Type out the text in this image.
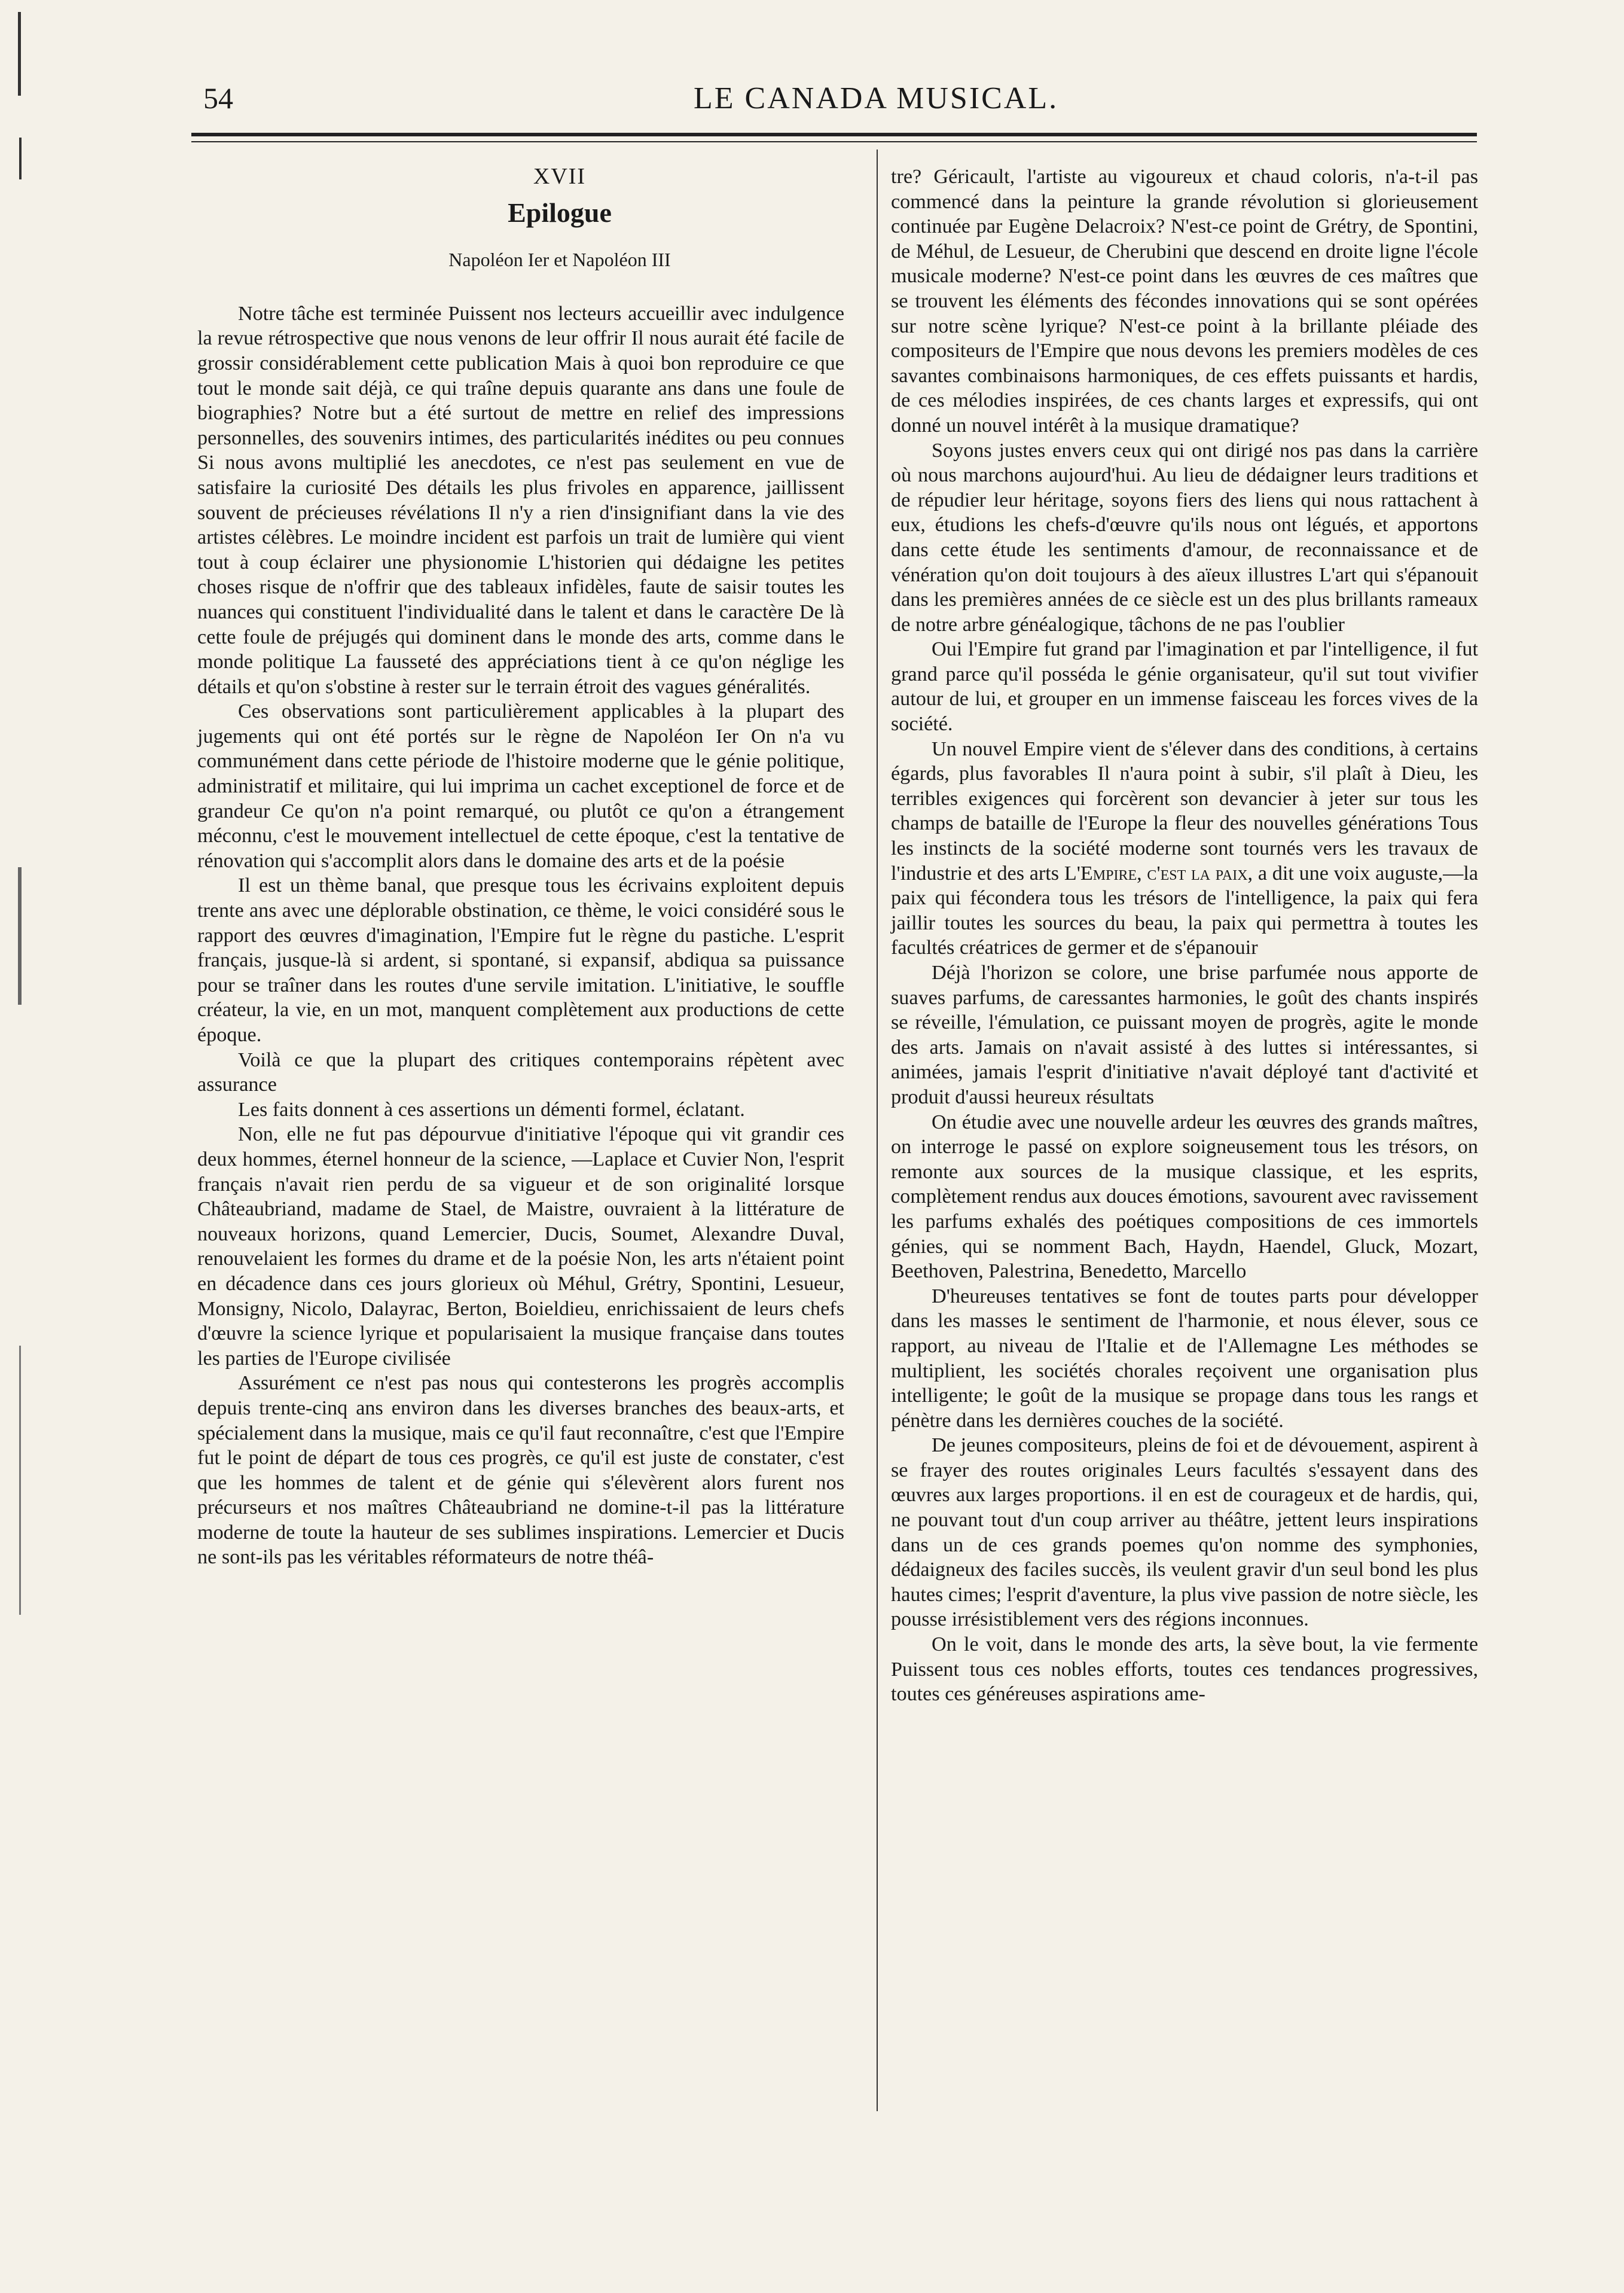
54	LE CANADA MUSICAL.
XVII
Epilogue
Napoléon Ier et Napoléon III

Notre tâche est terminée Puissent nos lecteurs accueillir avec indulgence la revue rétrospective que nous venons de leur offrir Il nous aurait été facile de grossir considérablement cette publication Mais à quoi bon reproduire ce que tout le monde sait déjà, ce qui traîne depuis quarante ans dans une foule de biographies? Notre but a été surtout de mettre en relief des impressions personnelles, des souvenirs intimes, des particularités inédites ou peu connues Si nous avons multiplié les anecdotes, ce n'est pas seulement en vue de satisfaire la curiosité Des détails les plus frivoles en apparence, jaillissent souvent de précieuses révélations Il n'y a rien d'insignifiant dans la vie des artistes célèbres. Le moindre incident est parfois un trait de lumière qui vient tout à coup éclairer une physionomie L'historien qui dédaigne les petites choses risque de n'offrir que des tableaux infidèles, faute de saisir toutes les nuances qui constituent l'individualité dans le talent et dans le caractère De là cette foule de préjugés qui dominent dans le monde des arts, comme dans le monde politique La fausseté des appréciations tient à ce qu'on néglige les détails et qu'on s'obstine à rester sur le terrain étroit des vagues généralités.

Ces observations sont particulièrement applicables à la plupart des jugements qui ont été portés sur le règne de Napoléon Ier On n'a vu communément dans cette période de l'histoire moderne que le génie politique, administratif et militaire, qui lui imprima un cachet exceptionel de force et de grandeur Ce qu'on n'a point remarqué, ou plutôt ce qu'on a étrangement méconnu, c'est le mouvement intellectuel de cette époque, c'est la tentative de rénovation qui s'accomplit alors dans le domaine des arts et de la poésie

Il est un thème banal, que presque tous les écrivains exploitent depuis trente ans avec une déplorable obstination, ce thème, le voici considéré sous le rapport des œuvres d'imagination, l'Empire fut le règne du pastiche. L'esprit français, jusque-là si ardent, si spontané, si expansif, abdiqua sa puissance pour se traîner dans les routes d'une servile imitation. L'initiative, le souffle créateur, la vie, en un mot, manquent complètement aux productions de cette époque.

Voilà ce que la plupart des critiques contemporains répètent avec assurance

Les faits donnent à ces assertions un démenti formel, éclatant.

Non, elle ne fut pas dépourvue d'initiative l'époque qui vit grandir ces deux hommes, éternel honneur de la science, —Laplace et Cuvier Non, l'esprit français n'avait rien perdu de sa vigueur et de son originalité lorsque Châteaubriand, madame de Stael, de Maistre, ouvraient à la littérature de nouveaux horizons, quand Lemercier, Ducis, Soumet, Alexandre Duval, renouvelaient les formes du drame et de la poésie Non, les arts n'étaient point en décadence dans ces jours glorieux où Méhul, Grétry, Spontini, Lesueur, Monsigny, Nicolo, Dalayrac, Berton, Boieldieu, enrichissaient de leurs chefs d'œuvre la science lyrique et popularisaient la musique française dans toutes les parties de l'Europe civilisée

Assurément ce n'est pas nous qui contesterons les progrès accomplis depuis trente-cinq ans environ dans les diverses branches des beaux-arts, et spécialement dans la musique, mais ce qu'il faut reconnaître, c'est que l'Empire fut le point de départ de tous ces progrès, ce qu'il est juste de constater, c'est que les hommes de talent et de génie qui s'élevèrent alors furent nos précurseurs et nos maîtres Châteaubriand ne domine-t-il pas la littérature moderne de toute la hauteur de ses sublimes inspirations. Lemercier et Ducis ne sont-ils pas les véritables réformateurs de notre théâ-

tre? Géricault, l'artiste au vigoureux et chaud coloris, n'a-t-il pas commencé dans la peinture la grande révolution si glorieusement continuée par Eugène Delacroix? N'est-ce point de Grétry, de Spontini, de Méhul, de Lesueur, de Cherubini que descend en droite ligne l'école musicale moderne? N'est-ce point dans les œuvres de ces maîtres que se trouvent les éléments des fécondes innovations qui se sont opérées sur notre scène lyrique? N'est-ce point à la brillante pléiade des compositeurs de l'Empire que nous devons les premiers modèles de ces savantes combinaisons harmoniques, de ces effets puissants et hardis, de ces mélodies inspirées, de ces chants larges et expressifs, qui ont donné un nouvel intérêt à la musique dramatique?

Soyons justes envers ceux qui ont dirigé nos pas dans la carrière où nous marchons aujourd'hui. Au lieu de dédaigner leurs traditions et de répudier leur héritage, soyons fiers des liens qui nous rattachent à eux, étudions les chefs-d'œuvre qu'ils nous ont légués, et apportons dans cette étude les sentiments d'amour, de reconnaissance et de vénération qu'on doit toujours à des aïeux illustres L'art qui s'épanouit dans les premières années de ce siècle est un des plus brillants rameaux de notre arbre généalogique, tâchons de ne pas l'oublier

Oui l'Empire fut grand par l'imagination et par l'intelligence, il fut grand parce qu'il posséda le génie organisateur, qu'il sut tout vivifier autour de lui, et grouper en un immense faisceau les forces vives de la société.

Un nouvel Empire vient de s'élever dans des conditions, à certains égards, plus favorables Il n'aura point à subir, s'il plaît à Dieu, les terribles exigences qui forcèrent son devancier à jeter sur tous les champs de bataille de l'Europe la fleur des nouvelles générations Tous les instincts de la société moderne sont tournés vers les travaux de l'industrie et des arts L'Empire, c'est la paix, a dit une voix auguste,—la paix qui fécondera tous les trésors de l'intelligence, la paix qui fera jaillir toutes les sources du beau, la paix qui permettra à toutes les facultés créatrices de germer et de s'épanouir

Déjà l'horizon se colore, une brise parfumée nous apporte de suaves parfums, de caressantes harmonies, le goût des chants inspirés se réveille, l'émulation, ce puissant moyen de progrès, agite le monde des arts. Jamais on n'avait assisté à des luttes si intéressantes, si animées, jamais l'esprit d'initiative n'avait déployé tant d'activité et produit d'aussi heureux résultats

On étudie avec une nouvelle ardeur les œuvres des grands maîtres, on interroge le passé on explore soigneusement tous les trésors, on remonte aux sources de la musique classique, et les esprits, complètement rendus aux douces émotions, savourent avec ravissement les parfums exhalés des poétiques compositions de ces immortels génies, qui se nomment Bach, Haydn, Haendel, Gluck, Mozart, Beethoven, Palestrina, Benedetto, Marcello

D'heureuses tentatives se font de toutes parts pour développer dans les masses le sentiment de l'harmonie, et nous élever, sous ce rapport, au niveau de l'Italie et de l'Allemagne Les méthodes se multiplient, les sociétés chorales reçoivent une organisation plus intelligente; le goût de la musique se propage dans tous les rangs et pénètre dans les dernières couches de la société.

De jeunes compositeurs, pleins de foi et de dévouement, aspirent à se frayer des routes originales Leurs facultés s'essayent dans des œuvres aux larges proportions. il en est de courageux et de hardis, qui, ne pouvant tout d'un coup arriver au théâtre, jettent leurs inspirations dans un de ces grands poemes qu'on nomme des symphonies, dédaigneux des faciles succès, ils veulent gravir d'un seul bond les plus hautes cimes; l'esprit d'aventure, la plus vive passion de notre siècle, les pousse irrésistiblement vers des régions inconnues.

On le voit, dans le monde des arts, la sève bout, la vie fermente Puissent tous ces nobles efforts, toutes ces tendances progressives, toutes ces généreuses aspirations ame-
